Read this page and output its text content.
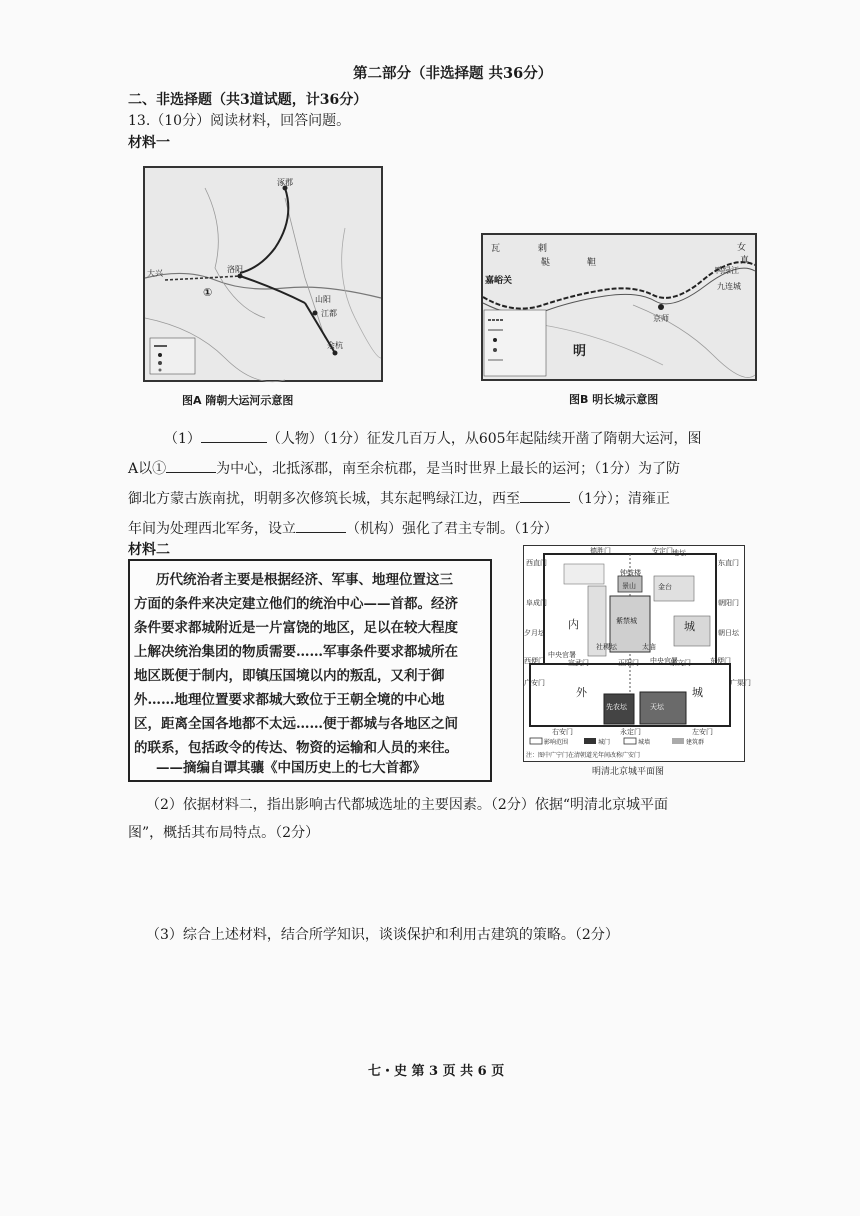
第二部分（非选择题 共36分）
二、非选择题（共3道试题，计36分）
13.（10分）阅读材料，回答问题。
材料一
涿郡
大兴	洛阳
余杭
江都
山阳
①
图A 隋朝大运河示意图
瓦	剌
鞑	靼
女
真
嘉峪关
京师
九连城
鸭绿江
明
图B 明长城示意图
（1）	（人物）（1分）征发几百万人，从605年起陆续开凿了隋朝大运河，图
A以①	为中心，北抵涿郡，南至余杭郡，是当时世界上最长的运河；（1分）为了防
御北方蒙古族南扰，明朝多次修筑长城，其东起鸭绿江边，西至	（1分）；清雍正
年间为处理西北军务，设立	（机构）强化了君主专制。（1分）
材料二
历代统治者主要是根据经济、军事、地理位置这三
方面的条件来决定建立他们的统治中心——首都。经济
条件要求都城附近是一片富饶的地区，足以在较大程度
上解决统治集团的物质需要……军事条件要求都城所在
地区既便于制内，即镇压国境以内的叛乱，又利于御
外……地理位置要求都城大致位于王朝全境的中心地
区，距离全国各地都不太远……便于都城与各地区之间
的联系，包括政令的传达、物资的运输和人员的来往。
——摘编自谭其骧《中国历史上的七大首都》
德胜门	安定门
西直门	东直门
阜成门	朝阳门
内	城
钟鼓楼
景山
紫禁城
太庙
社稷坛
金台
地坛
夕月坛	朝日坛
中央官署
中央官署
西便门	宣武门	正阳门	崇文门	东便门
广安门	广渠门
外	城
先农坛	天坛
右安门	永定门	左安门
影响范围	城门	城墙	建筑群
注：图中广宁门在清朝道光年间改称广安门
明清北京城平面图
（2）依据材料二，指出影响古代都城选址的主要因素。（2分）依据“明清北京城平面
图”，概括其布局特点。（2分）
（3）综合上述材料，结合所学知识，谈谈保护和利用古建筑的策略。（2分）
七・史 第 3 页 共 6 页
